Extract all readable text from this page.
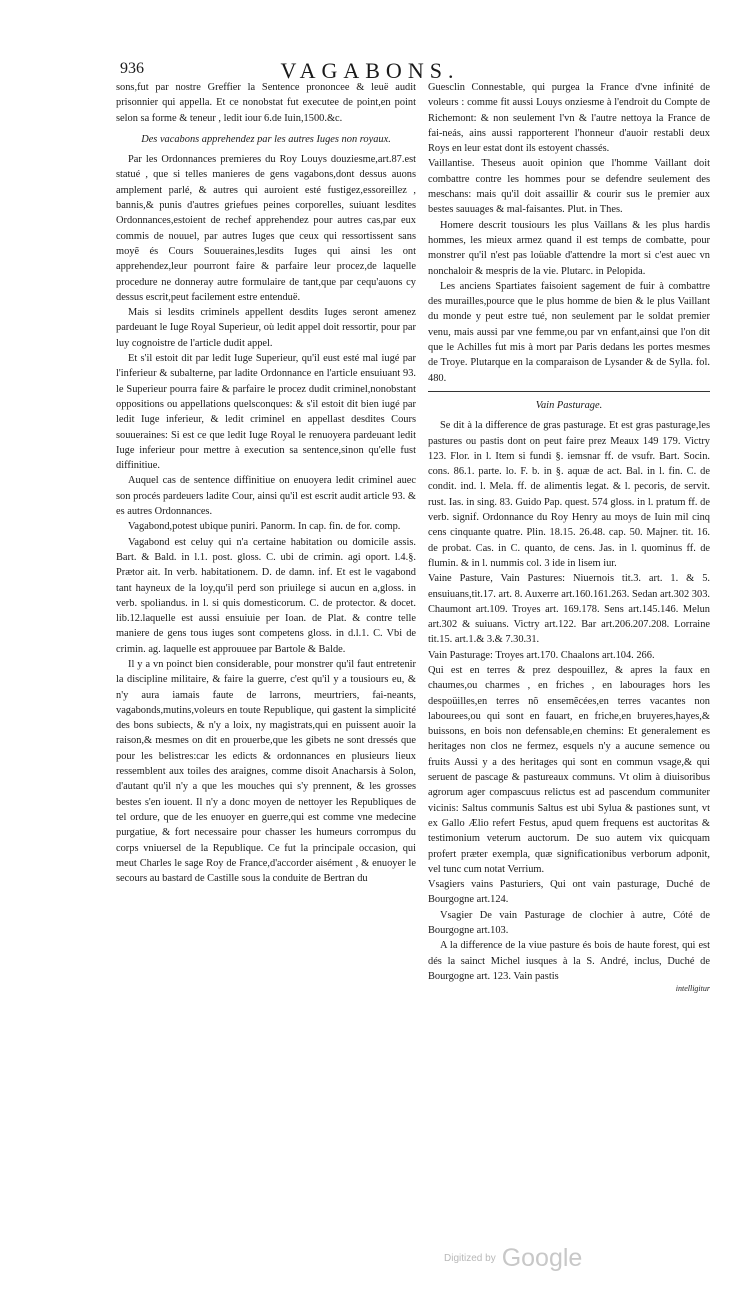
936	VAGABONS.

sons,fut par nostre Greffier la Sentence prononcee & leuë audit prisonnier qui appella. Et ce nonobstat fut executee de point,en point selon sa forme & teneur , ledit iour 6.de Iuin,1500.&c.

Des vacabons apprehendez par les autres Iuges non royaux.

Par les Ordonnances premieres du Roy Louys douziesme,art.87.est statué , que si telles manieres de gens vagabons,dont dessus auons amplement parlé, & autres qui auroient esté fustigez,essoreillez , bannis,& punis d'autres griefues peines corporelles, suiuant lesdites Ordonnances,estoient de rechef apprehendez pour autres cas,par eux commis de nouuel, par autres Iuges que ceux qui ressortissent sans moyẽ és Cours Souueraines,lesdits Iuges qui ainsi les ont apprehendez,leur pourront faire & parfaire leur procez,de laquelle procedure ne donneray autre formulaire de tant,que par cequ'auons cy dessus escrit,peut facilement estre entenduë.

Mais si lesdits criminels appellent desdits Iuges seront amenez pardeuant le Iuge Royal Superieur, où ledit appel doit ressortir, pour par luy cognoistre de l'article dudit appel.

Et s'il estoit dit par ledit Iuge Superieur, qu'il eust esté mal iugé par l'inferieur & subalterne, par ladite Ordonnance en l'article ensuiuant 93. le Superieur pourra faire & parfaire le procez dudit criminel,nonobstant oppositions ou appellations quelsconques: & s'il estoit dit bien iugé par ledit Iuge inferieur, & ledit criminel en appellast desdites Cours souueraines: Si est ce que ledit Iuge Royal le renuoyera pardeuant ledit Iuge inferieur pour mettre à execution sa sentence,sinon qu'elle fust diffinitiue.

Auquel cas de sentence diffinitiue on enuoyera ledit criminel auec son procés pardeuers ladite Cour, ainsi qu'il est escrit audit article 93. & es autres Ordonnances.

Vagabond,potest ubique puniri. Panorm. In cap. fin. de for. comp.

Vagabond est celuy qui n'a certaine habitation ou domicile assis. Bart. & Bald. in l.1. post. gloss. C. ubi de crimin. agi oport. l.4.§. Prætor ait. In verb. habitationem. D. de damn. inf. Et est le vagabond tant hayneux de la loy,qu'il perd son priuilege si aucun en a,gloss. in verb. spoliandus. in l. si quis domesticorum. C. de protector. & docet. lib.12.laquelle est aussi ensuiuie per Ioan. de Plat. & contre telle maniere de gens tous iuges sont competens gloss. in d.l.1. C. Vbi de crimin. ag. laquelle est approuuee par Bartole & Balde.

Il y a vn poinct bien considerable, pour monstrer qu'il faut entretenir la discipline militaire, & faire la guerre, c'est qu'il y a tousiours eu, & n'y aura iamais faute de larrons, meurtriers, fai-neants, vagabonds,mutins,voleurs en toute Republique, qui gastent la simplicité des bons subiects, & n'y a loix, ny magistrats,qui en puissent auoir la raison,& mesmes on dit en prouerbe,que les gibets ne sont dressés que pour les belistres:car les edicts & ordonnances en plusieurs lieux ressemblent aux toiles des araignes, comme disoit Anacharsis à Solon, d'autant qu'il n'y a que les mouches qui s'y prennent, & les grosses bestes s'en iouent. Il n'y a donc moyen de nettoyer les Republiques de tel ordure, que de les enuoyer en guerre,qui est comme vne medecine purgatiue, & fort necessaire pour chasser les humeurs corrompus du corps vniuersel de la Republique. Ce fut la principale occasion, qui meut Charles le sage Roy de France,d'accorder aisément , & enuoyer le secours au bastard de Castille sous la conduite de Bertran du

Guesclin Connestable, qui purgea la France d'vne infinité de voleurs : comme fit aussi Louys onziesme à l'endroit du Compte de Richemont: & non seulement l'vn & l'autre nettoya la France de fai-neás, ains aussi rapporterent l'honneur d'auoir restabli deux Roys en leur estat dont ils estoyent chassés.

Vaillantise. Theseus auoit opinion que l'homme Vaillant doit combattre contre les hommes pour se defendre seulement des meschans: mais qu'il doit assaillir & courir sus le premier aux bestes sauuages & mal-faisantes. Plut. in Thes.

Homere descrit tousiours les plus Vaillans & les plus hardis hommes, les mieux armez quand il est temps de combatte, pour monstrer qu'il n'est pas loüable d'attendre la mort si c'est auec vn nonchaloir & mespris de la vie. Plutarc. in Pelopida.

Les anciens Spartiates faisoient sagement de fuir à combattre des murailles,pource que le plus homme de bien & le plus Vaillant du monde y peut estre tué, non seulement par le soldat premier venu, mais aussi par vne femme,ou par vn enfant,ainsi que l'on dit que le Achilles fut mis à mort par Paris dedans les portes mesmes de Troye. Plutarque en la comparaison de Lysander & de Sylla. fol. 480.

Vain Pasturage.

Se dit à la difference de gras pasturage. Et est gras pasturage,les pastures ou pastis dont on peut faire prez Meaux 149 179. Victry 123. Flor. in l. Item si fundi §. iemsnar ff. de vsufr. Bart. Socin. cons. 86.1. parte. lo. F. b. in §. aquæ de act. Bal. in l. fin. C. de condit. ind. l. Mela. ff. de alimentis legat. & l. pecoris, de servit. rust. Ias. in sing. 83. Guido Pap. quest. 574 gloss. in l. pratum ff. de verb. signif. Ordonnance du Roy Henry au moys de Iuin mil cinq cens cinquante quatre. Plin. 18.15. 26.48. cap. 50. Majner. tit. 16. de probat. Cas. in C. quanto, de cens. Jas. in l. quominus ff. de flumin. & in l. nummis col. 3 ide in lisem iur.

Vaine Pasture, Vain Pastures: Niuernois tit.3. art. 1. & 5. ensuiuans,tit.17. art. 8. Auxerre art.160.161.263. Sedan art.302 303. Chaumont art.109. Troyes art. 169.178. Sens art.145.146. Melun art.302 & suiuans. Victry art.122. Bar art.206.207.208. Lorraine tit.15. art.1.& 3.& 7.30.31.

Vain Pasturage: Troyes art.170. Chaalons art.104. 266.

Qui est en terres & prez despouillez, & apres la faux en chaumes,ou charmes , en friches , en labourages hors les despoüilles,en terres nõ ensemẽcées,en terres vacantes non labourees,ou qui sont en fauart, en friche,en bruyeres,hayes,& buissons, en bois non defensable,en chemins: Et generalement es heritages non clos ne fermez, esquels n'y a aucune semence ou fruits Aussi y a des heritages qui sont en commun vsage,& qui seruent de pascage & pastureaux communs. Vt olim à diuisoribus agrorum ager compascuus relictus est ad pascendum communiter vicinis: Saltus communis Saltus est ubi Sylua & pastiones sunt, vt ex Gallo Ælio refert Festus, apud quem frequens est auctoritas & testimonium veterum auctorum. De suo autem vix quicquam profert præter exempla, quæ significationibus verborum adponit, vel tunc cum notat Verrium.

Vsagiers vains Pasturiers, Qui ont vain pasturage, Duché de Bourgogne art.124.

Vsagier De vain Pasturage de clochier à autre, Cóté de Bourgogne art.103.

A la difference de la viue pasture és bois de haute forest, qui est dés la sainct Michel iusques à la S. André, inclus, Duché de Bourgogne art. 123. Vain pastis

intelligitur

Digitized by Google
